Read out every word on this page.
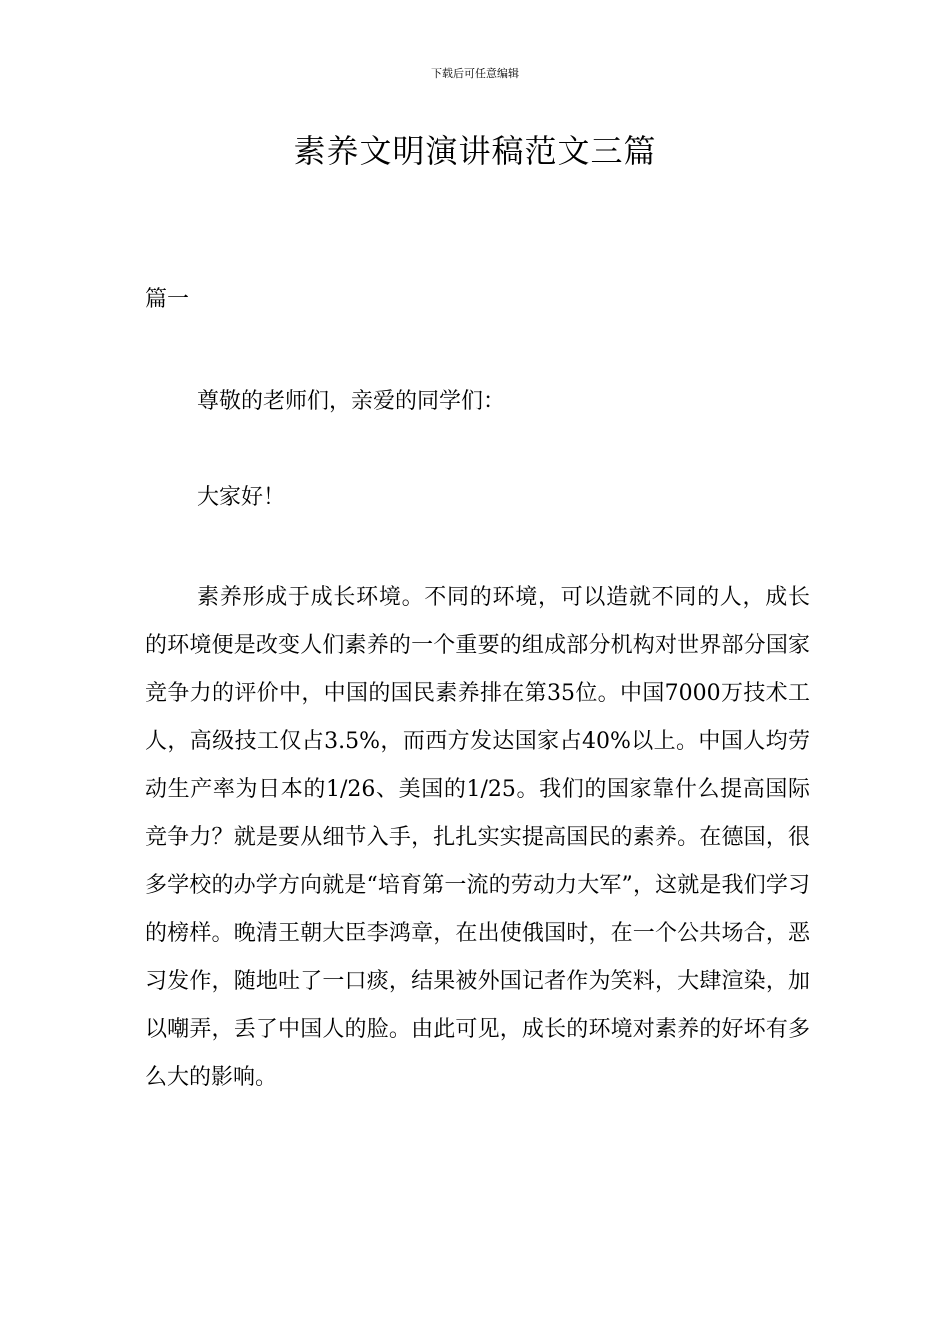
下载后可任意编辑
素养文明演讲稿范文三篇
篇一

尊敬的老师们，亲爱的同学们：

大家好！

素养形成于成长环境。不同的环境，可以造就不同的人，成长的环境便是改变人们素养的一个重要的组成部分机构对世界部分国家竞争力的评价中，中国的国民素养排在第35位。中国7000万技术工人，高级技工仅占3.5%，而西方发达国家占40%以上。中国人均劳动生产率为日本的1/26、美国的1/25。我们的国家靠什么提高国际竞争力？就是要从细节入手，扎扎实实提高国民的素养。在德国，很多学校的办学方向就是“培育第一流的劳动力大军”，这就是我们学习的榜样。晚清王朝大臣李鸿章，在出使俄国时，在一个公共场合，恶习发作，随地吐了一口痰，结果被外国记者作为笑料，大肆渲染，加以嘲弄，丢了中国人的脸。由此可见，成长的环境对素养的好坏有多么大的影响。
